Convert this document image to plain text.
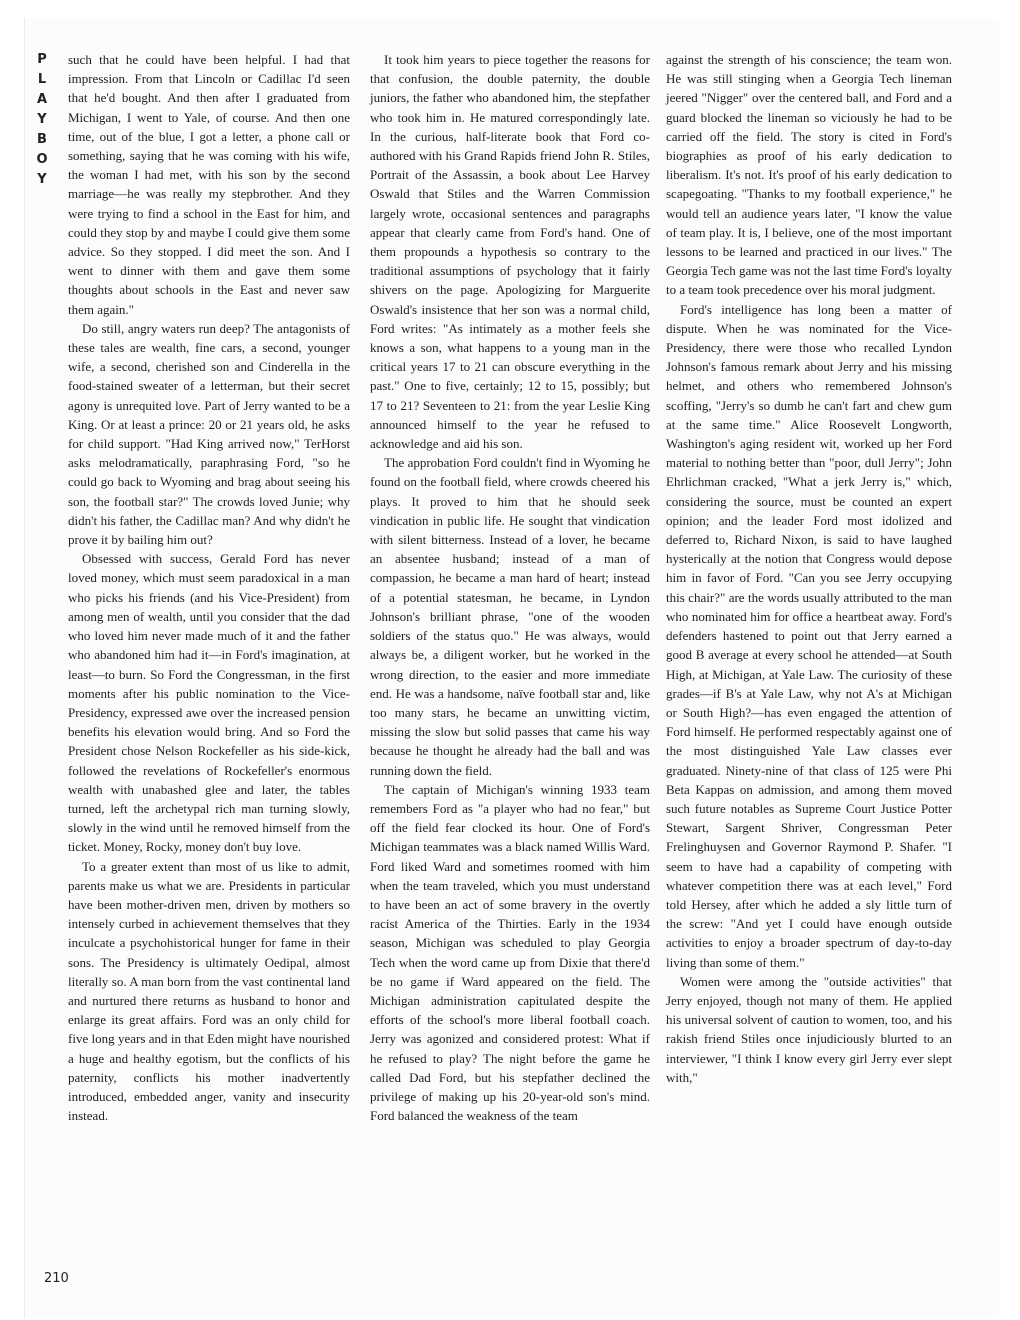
P
L
A
Y
B
O
Y

such that he could have been helpful. I had that impression. From that Lincoln or Cadillac I'd seen that he'd bought. And then after I graduated from Michigan, I went to Yale, of course. And then one time, out of the blue, I got a letter, a phone call or something, saying that he was coming with his wife, the woman I had met, with his son by the second marriage—he was really my stepbrother. And they were trying to find a school in the East for him, and could they stop by and maybe I could give them some advice. So they stopped. I did meet the son. And I went to dinner with them and gave them some thoughts about schools in the East and never saw them again."

Do still, angry waters run deep? The antagonists of these tales are wealth, fine cars, a second, younger wife, a second, cherished son and Cinderella in the food-stained sweater of a letterman, but their secret agony is unrequited love. Part of Jerry wanted to be a King. Or at least a prince: 20 or 21 years old, he asks for child support. "Had King arrived now," TerHorst asks melodramatically, paraphrasing Ford, "so he could go back to Wyoming and brag about seeing his son, the football star?" The crowds loved Junie; why didn't his father, the Cadillac man? And why didn't he prove it by bailing him out?

Obsessed with success, Gerald Ford has never loved money, which must seem paradoxical in a man who picks his friends (and his Vice-President) from among men of wealth, until you consider that the dad who loved him never made much of it and the father who abandoned him had it—in Ford's imagination, at least—to burn. So Ford the Congressman, in the first moments after his public nomination to the Vice-Presidency, expressed awe over the increased pension benefits his elevation would bring. And so Ford the President chose Nelson Rockefeller as his side-kick, followed the revelations of Rockefeller's enormous wealth with unabashed glee and later, the tables turned, left the archetypal rich man turning slowly, slowly in the wind until he removed himself from the ticket. Money, Rocky, money don't buy love.

To a greater extent than most of us like to admit, parents make us what we are. Presidents in particular have been mother-driven men, driven by mothers so intensely curbed in achievement themselves that they inculcate a psychohistorical hunger for fame in their sons. The Presidency is ultimately Oedipal, almost literally so. A man born from the vast continental land and nurtured there returns as husband to honor and enlarge its great affairs. Ford was an only child for five long years and in that Eden might have nourished a huge and healthy egotism, but the conflicts of his paternity, conflicts his mother inadvertently introduced, embedded anger, vanity and insecurity instead.

It took him years to piece together the reasons for that confusion, the double paternity, the double juniors, the father who abandoned him, the stepfather who took him in. He matured correspondingly late. In the curious, half-literate book that Ford co-authored with his Grand Rapids friend John R. Stiles, Portrait of the Assassin, a book about Lee Harvey Oswald that Stiles and the Warren Commission largely wrote, occasional sentences and paragraphs appear that clearly came from Ford's hand. One of them propounds a hypothesis so contrary to the traditional assumptions of psychology that it fairly shivers on the page. Apologizing for Marguerite Oswald's insistence that her son was a normal child, Ford writes: "As intimately as a mother feels she knows a son, what happens to a young man in the critical years 17 to 21 can obscure everything in the past." One to five, certainly; 12 to 15, possibly; but 17 to 21? Seventeen to 21: from the year Leslie King announced himself to the year he refused to acknowledge and aid his son.

The approbation Ford couldn't find in Wyoming he found on the football field, where crowds cheered his plays. It proved to him that he should seek vindication in public life. He sought that vindication with silent bitterness. Instead of a lover, he became an absentee husband; instead of a man of compassion, he became a man hard of heart; instead of a potential statesman, he became, in Lyndon Johnson's brilliant phrase, "one of the wooden soldiers of the status quo." He was always, would always be, a diligent worker, but he worked in the wrong direction, to the easier and more immediate end. He was a handsome, naïve football star and, like too many stars, he became an unwitting victim, missing the slow but solid passes that came his way because he thought he already had the ball and was running down the field.

The captain of Michigan's winning 1933 team remembers Ford as "a player who had no fear," but off the field fear clocked its hour. One of Ford's Michigan teammates was a black named Willis Ward. Ford liked Ward and sometimes roomed with him when the team traveled, which you must understand to have been an act of some bravery in the overtly racist America of the Thirties. Early in the 1934 season, Michigan was scheduled to play Georgia Tech when the word came up from Dixie that there'd be no game if Ward appeared on the field. The Michigan administration capitulated despite the efforts of the school's more liberal football coach. Jerry was agonized and considered protest: What if he refused to play? The night before the game he called Dad Ford, but his stepfather declined the privilege of making up his 20-year-old son's mind. Ford balanced the weakness of the team

against the strength of his conscience; the team won. He was still stinging when a Georgia Tech lineman jeered "Nigger" over the centered ball, and Ford and a guard blocked the lineman so viciously he had to be carried off the field. The story is cited in Ford's biographies as proof of his early dedication to liberalism. It's not. It's proof of his early dedication to scapegoating. "Thanks to my football experience," he would tell an audience years later, "I know the value of team play. It is, I believe, one of the most important lessons to be learned and practiced in our lives." The Georgia Tech game was not the last time Ford's loyalty to a team took precedence over his moral judgment.

Ford's intelligence has long been a matter of dispute. When he was nominated for the Vice-Presidency, there were those who recalled Lyndon Johnson's famous remark about Jerry and his missing helmet, and others who remembered Johnson's scoffing, "Jerry's so dumb he can't fart and chew gum at the same time." Alice Roosevelt Longworth, Washington's aging resident wit, worked up her Ford material to nothing better than "poor, dull Jerry"; John Ehrlichman cracked, "What a jerk Jerry is," which, considering the source, must be counted an expert opinion; and the leader Ford most idolized and deferred to, Richard Nixon, is said to have laughed hysterically at the notion that Congress would depose him in favor of Ford. "Can you see Jerry occupying this chair?" are the words usually attributed to the man who nominated him for office a heartbeat away. Ford's defenders hastened to point out that Jerry earned a good B average at every school he attended—at South High, at Michigan, at Yale Law. The curiosity of these grades—if B's at Yale Law, why not A's at Michigan or South High?—has even engaged the attention of Ford himself. He performed respectably against one of the most distinguished Yale Law classes ever graduated. Ninety-nine of that class of 125 were Phi Beta Kappas on admission, and among them moved such future notables as Supreme Court Justice Potter Stewart, Sargent Shriver, Congressman Peter Frelinghuysen and Governor Raymond P. Shafer. "I seem to have had a capability of competing with whatever competition there was at each level," Ford told Hersey, after which he added a sly little turn of the screw: "And yet I could have enough outside activities to enjoy a broader spectrum of day-to-day living than some of them."

Women were among the "outside activities" that Jerry enjoyed, though not many of them. He applied his universal solvent of caution to women, too, and his rakish friend Stiles once injudiciously blurted to an interviewer, "I think I know every girl Jerry ever slept with,"

210
